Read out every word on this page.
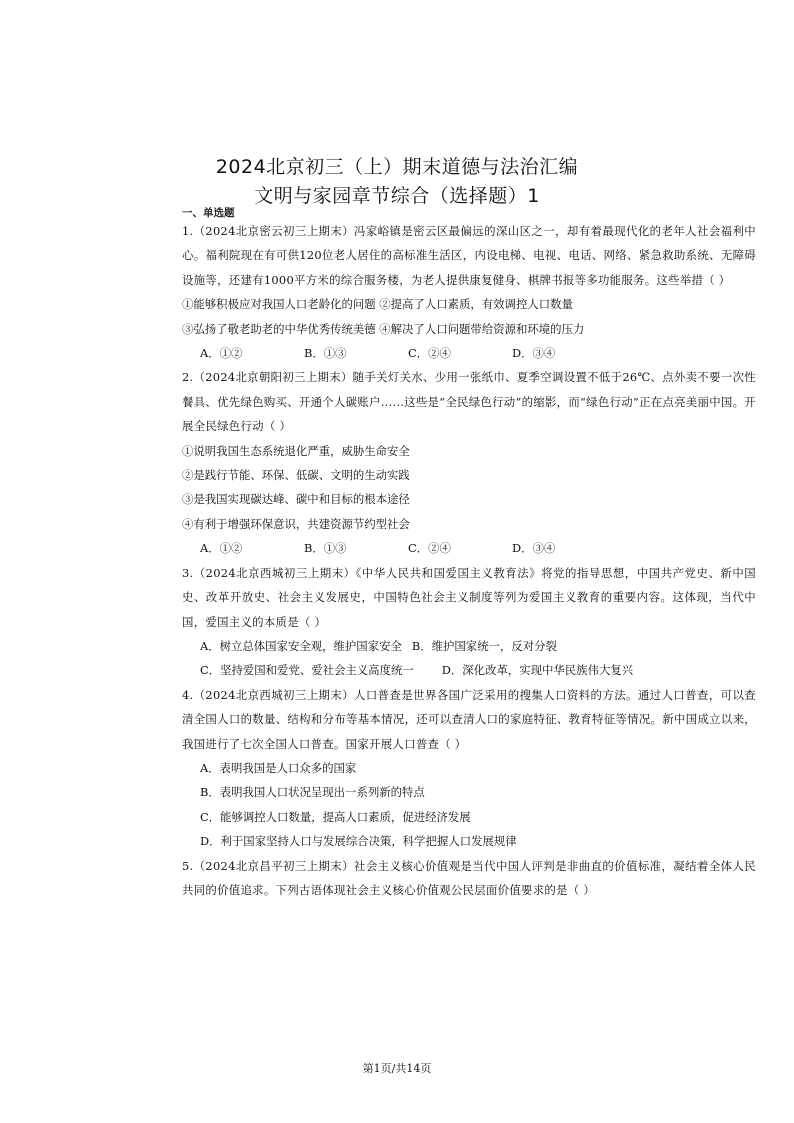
2024北京初三（上）期末道德与法治汇编
文明与家园章节综合（选择题）1
一、单选题

1.（2024北京密云初三上期末）冯家峪镇是密云区最偏远的深山区之一，却有着最现代化的老年人社会福利中心。福利院现在有可供120位老人居住的高标准生活区，内设电梯、电视、电话、网络、紧急救助系统、无障碍设施等，还建有1000平方米的综合服务楼，为老人提供康复健身、棋牌书报等多功能服务。这些举措（ ）

①能够积极应对我国人口老龄化的问题 ②提高了人口素质，有效调控人口数量

③弘扬了敬老助老的中华优秀传统美德 ④解决了人口问题带给资源和环境的压力

A．①②	B．①③	C．②④	D．③④

2.（2024北京朝阳初三上期末）随手关灯关水、少用一张纸巾、夏季空调设置不低于26℃、点外卖不要一次性餐具、优先绿色购买、开通个人碳账户……这些是“全民绿色行动”的缩影，而“绿色行动”正在点亮美丽中国。开展全民绿色行动（ ）

①说明我国生态系统退化严重，威胁生命安全

②是践行节能、环保、低碳、文明的生动实践

③是我国实现碳达峰、碳中和目标的根本途径

④有利于增强环保意识，共建资源节约型社会

A．①②	B．①③	C．②④	D．③④

3.（2024北京西城初三上期末）《中华人民共和国爱国主义教育法》将党的指导思想，中国共产党史、新中国史、改革开放史、社会主义发展史，中国特色社会主义制度等列为爱国主义教育的重要内容。这体现，当代中国，爱国主义的本质是（ ）

A．树立总体国家安全观，维护国家安全 B．维护国家统一，反对分裂
C．坚持爱国和爱党、爱社会主义高度统一 D．深化改革，实现中华民族伟大复兴

4.（2024北京西城初三上期末）人口普查是世界各国广泛采用的搜集人口资料的方法。通过人口普查，可以查清全国人口的数量、结构和分布等基本情况，还可以查清人口的家庭特征、教育特征等情况。新中国成立以来，我国进行了七次全国人口普查。国家开展人口普查（ ）

A．表明我国是人口众多的国家

B．表明我国人口状况呈现出一系列新的特点

C．能够调控人口数量，提高人口素质，促进经济发展

D．利于国家坚持人口与发展综合决策，科学把握人口发展规律

5.（2024北京昌平初三上期末）社会主义核心价值观是当代中国人评判是非曲直的价值标准，凝结着全体人民共同的价值追求。下列古语体现社会主义核心价值观公民层面价值要求的是（ ）

第1页/共14页
